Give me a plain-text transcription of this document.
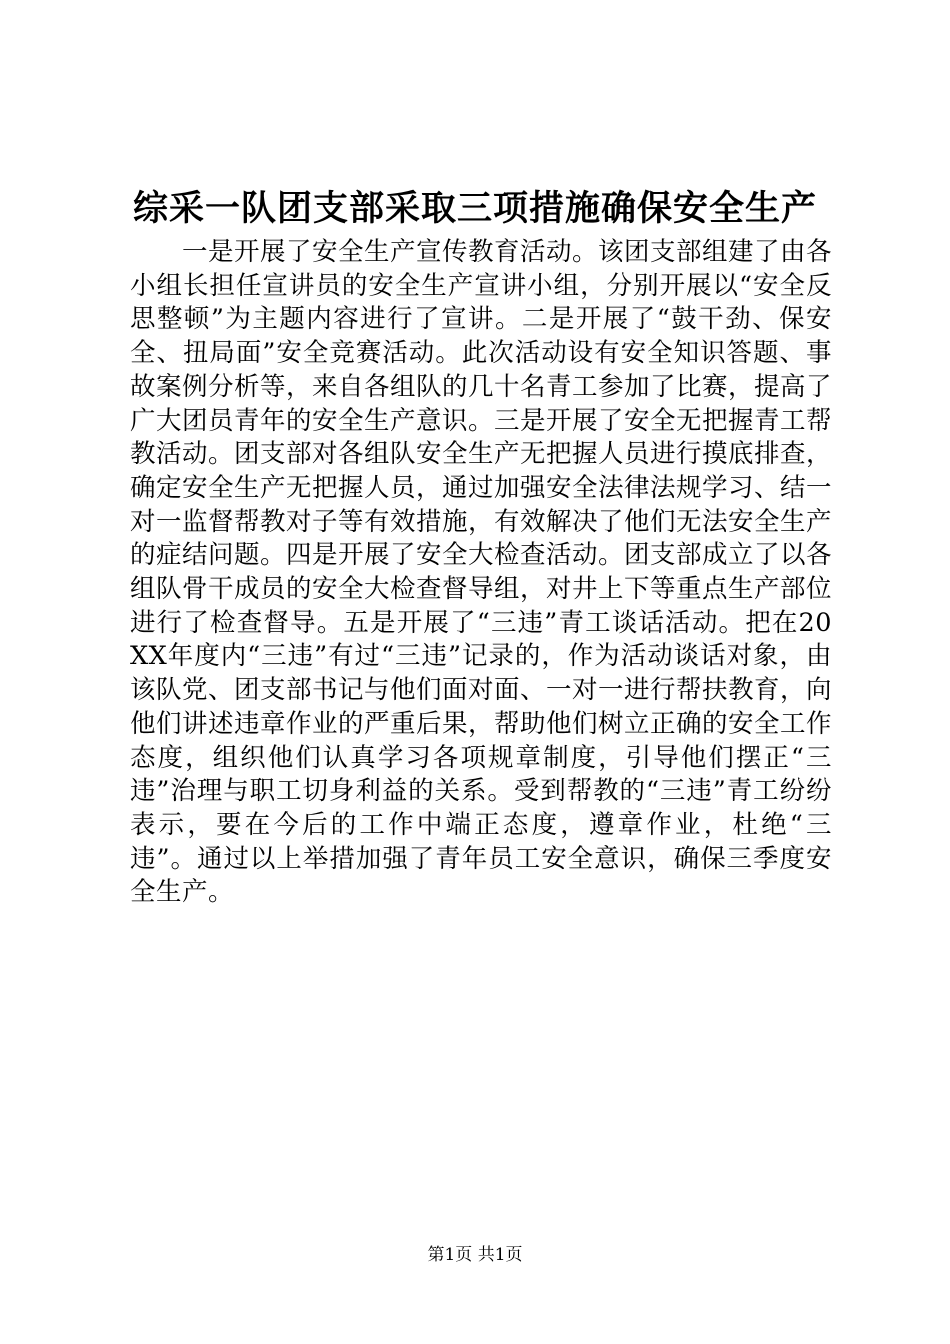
综采一队团支部采取三项措施确保安全生产

一是开展了安全生产宣传教育活动。该团支部组建了由各小组长担任宣讲员的安全生产宣讲小组，分别开展以“安全反思整顿”为主题内容进行了宣讲。二是开展了“鼓干劲、保安全、扭局面”安全竞赛活动。此次活动设有安全知识答题、事故案例分析等，来自各组队的几十名青工参加了比赛，提高了广大团员青年的安全生产意识。三是开展了安全无把握青工帮教活动。团支部对各组队安全生产无把握人员进行摸底排查，确定安全生产无把握人员，通过加强安全法律法规学习、结一对一监督帮教对子等有效措施，有效解决了他们无法安全生产的症结问题。四是开展了安全大检查活动。团支部成立了以各组队骨干成员的安全大检查督导组，对井上下等重点生产部位进行了检查督导。五是开展了“三违”青工谈话活动。把在20XX年度内“三违”有过“三违”记录的，作为活动谈话对象，由该队党、团支部书记与他们面对面、一对一进行帮扶教育，向他们讲述违章作业的严重后果，帮助他们树立正确的安全工作态度，组织他们认真学习各项规章制度，引导他们摆正“三违”治理与职工切身利益的关系。受到帮教的“三违”青工纷纷表示，要在今后的工作中端正态度，遵章作业，杜绝“三违”。通过以上举措加强了青年员工安全意识，确保三季度安全生产。

第1页 共1页
